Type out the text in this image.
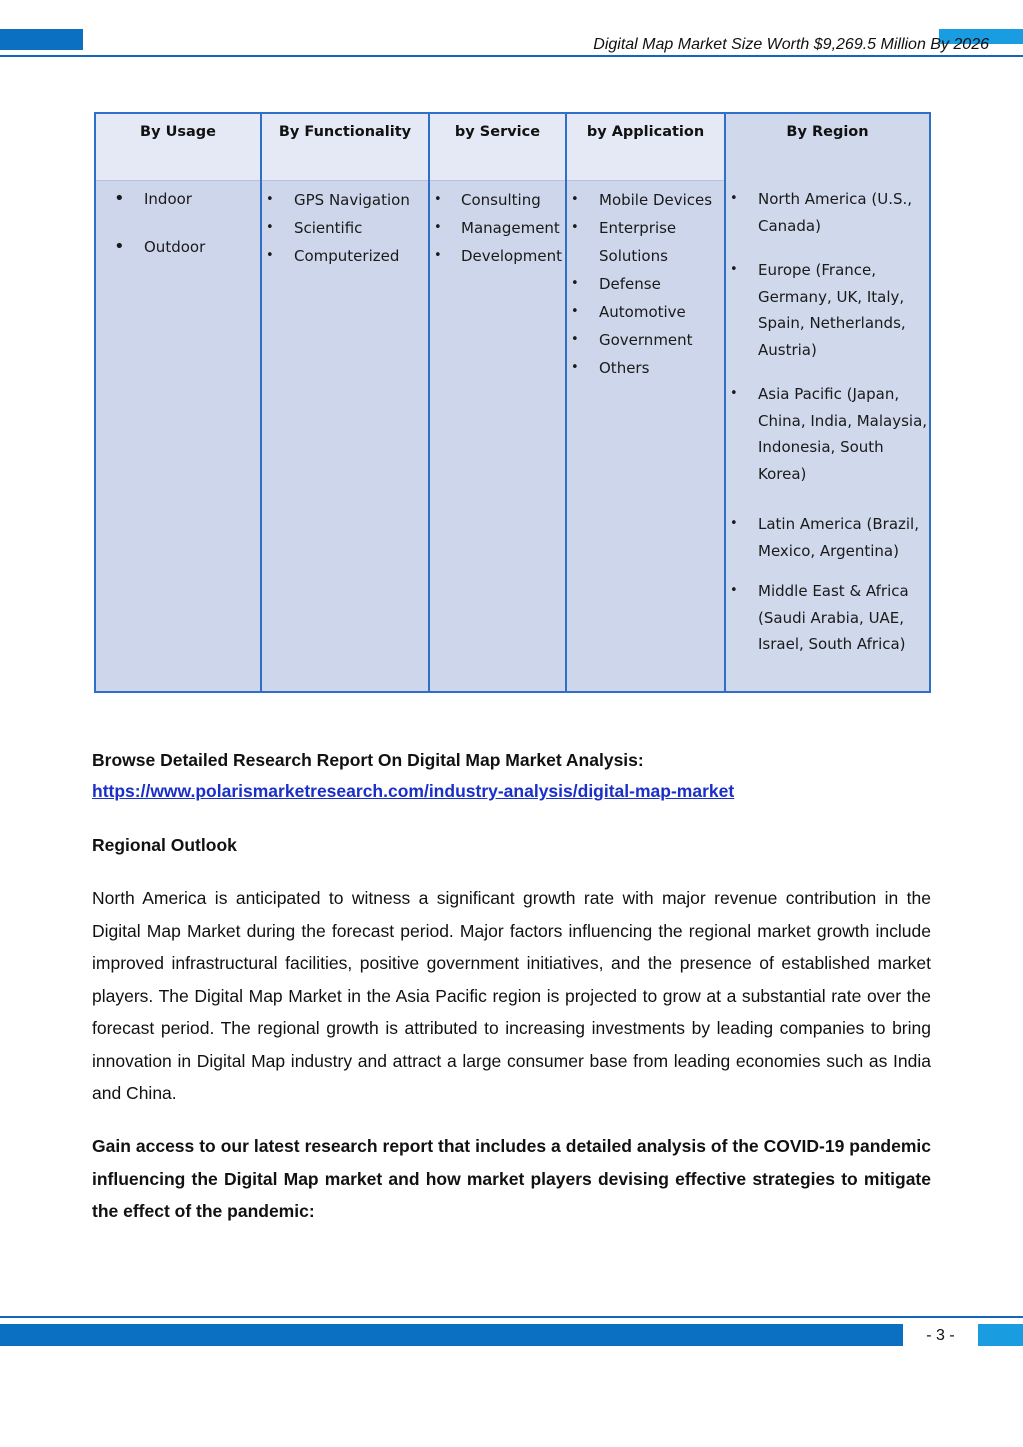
Digital Map Market Size Worth $9,269.5 Million By 2026
By Usage
• Indoor
• Outdoor
By Functionality
• GPS Navigation
• Scientific
• Computerized
by Service
• Consulting
• Management
• Development
by Application
• Mobile Devices
• Enterprise Solutions
• Defense
• Automotive
• Government
• Others
By Region
• North America (U.S., Canada)
• Europe (France, Germany, UK, Italy, Spain, Netherlands, Austria)
• Asia Pacific (Japan, China, India, Malaysia, Indonesia, South Korea)
• Latin America (Brazil, Mexico, Argentina)
• Middle East & Africa (Saudi Arabia, UAE, Israel, South Africa)
Browse Detailed Research Report On Digital Map Market Analysis:
https://www.polarismarketresearch.com/industry-analysis/digital-map-market
Regional Outlook
North America is anticipated to witness a significant growth rate with major revenue contribution in the Digital Map Market during the forecast period. Major factors influencing the regional market growth include improved infrastructural facilities, positive government initiatives, and the presence of established market players. The Digital Map Market in the Asia Pacific region is projected to grow at a substantial rate over the forecast period. The regional growth is attributed to increasing investments by leading companies to bring innovation in Digital Map industry and attract a large consumer base from leading economies such as India and China.
Gain access to our latest research report that includes a detailed analysis of the COVID-19 pandemic influencing the Digital Map market and how market players devising effective strategies to mitigate the effect of the pandemic:
- 3 -
